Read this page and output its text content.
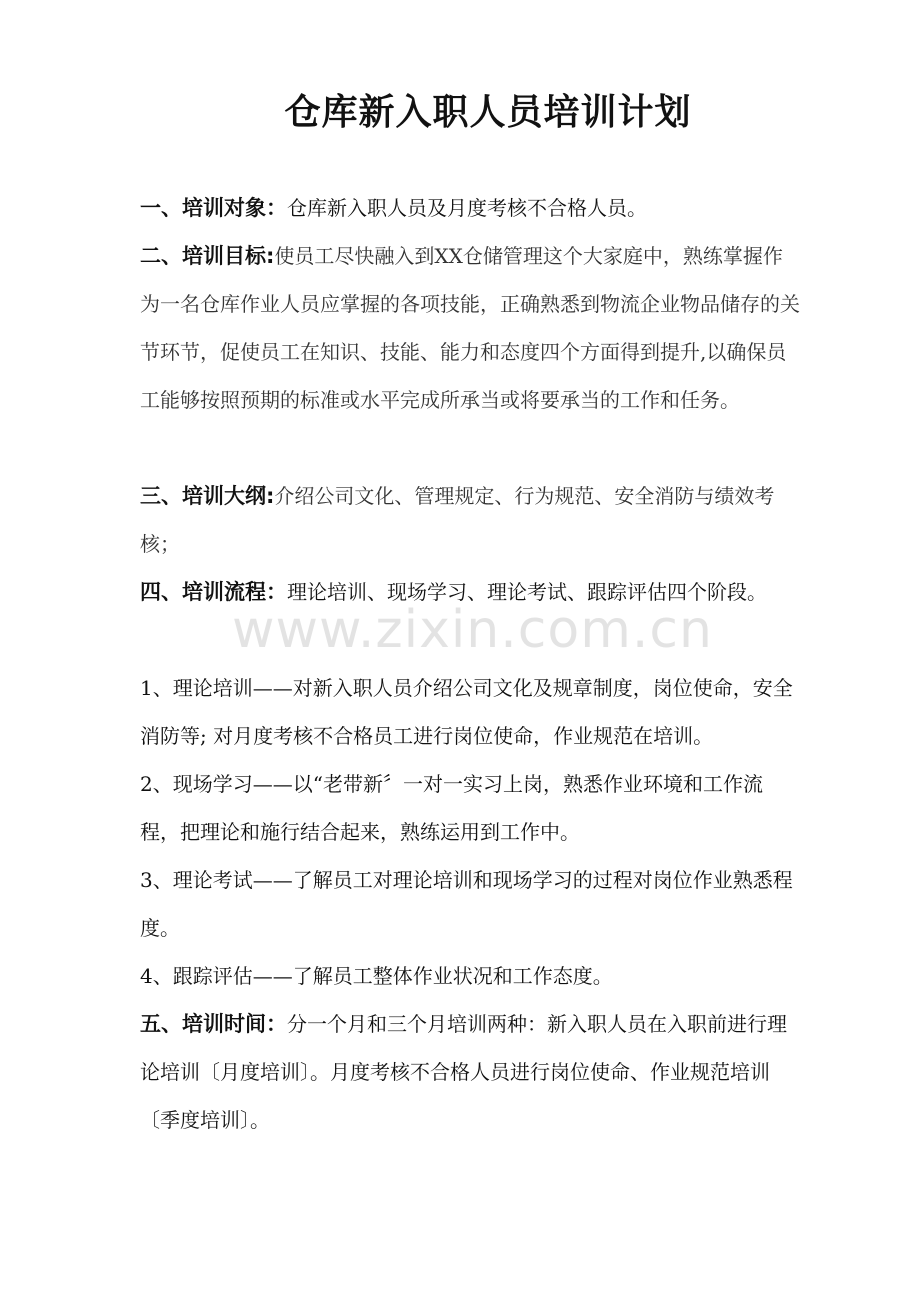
仓库新入职人员培训计划

一、培训对象：仓库新入职人员及月度考核不合格人员。

二、培训目标:使员工尽快融入到XX仓储管理这个大家庭中，熟练掌握作为一名仓库作业人员应掌握的各项技能，正确熟悉到物流企业物品储存的关节环节，促使员工在知识、技能、能力和态度四个方面得到提升,以确保员工能够按照预期的标准或水平完成所承当或将要承当的工作和任务。

三、培训大纲:介绍公司文化、管理规定、行为规范、安全消防与绩效考核；

四、培训流程：理论培训、现场学习、理论考试、跟踪评估四个阶段。

www.zixin.com.cn

1、理论培训——对新入职人员介绍公司文化及规章制度，岗位使命，安全消防等; 对月度考核不合格员工进行岗位使命，作业规范在培训。

2、现场学习——以“老带新〞一对一实习上岗，熟悉作业环境和工作流程，把理论和施行结合起来，熟练运用到工作中。

3、理论考试——了解员工对理论培训和现场学习的过程对岗位作业熟悉程度。

4、跟踪评估——了解员工整体作业状况和工作态度。

五、培训时间：分一个月和三个月培训两种：新入职人员在入职前进行理论培训〔月度培训〕。月度考核不合格人员进行岗位使命、作业规范培训〔季度培训〕。
